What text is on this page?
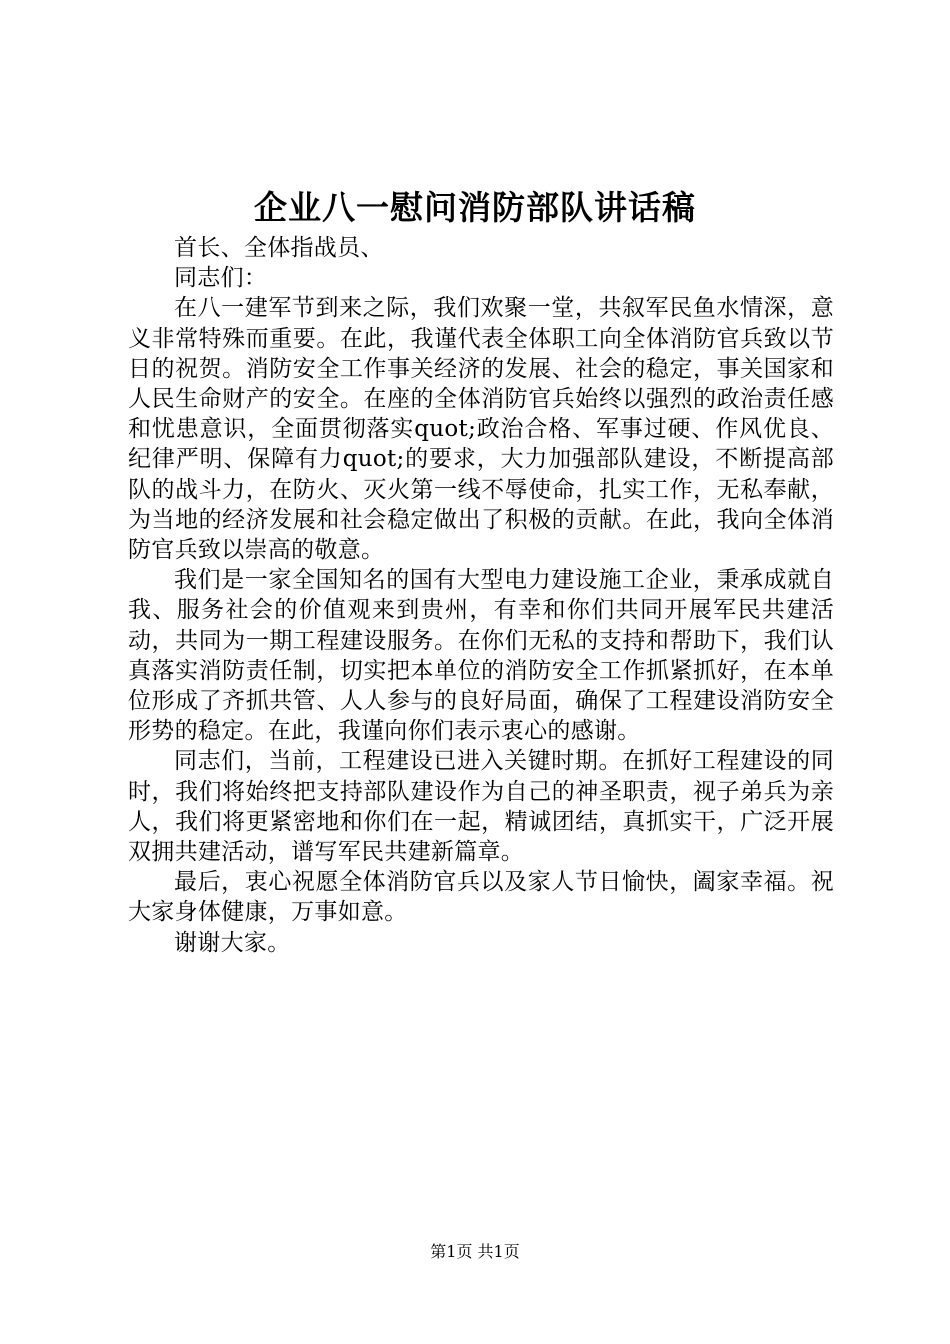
企业八一慰问消防部队讲话稿

首长、全体指战员、

同志们：

在八一建军节到来之际，我们欢聚一堂，共叙军民鱼水情深，意义非常特殊而重要。在此，我谨代表全体职工向全体消防官兵致以节日的祝贺。消防安全工作事关经济的发展、社会的稳定，事关国家和人民生命财产的安全。在座的全体消防官兵始终以强烈的政治责任感和忧患意识，全面贯彻落实quot;政治合格、军事过硬、作风优良、纪律严明、保障有力quot;的要求，大力加强部队建设，不断提高部队的战斗力，在防火、灭火第一线不辱使命，扎实工作，无私奉献，为当地的经济发展和社会稳定做出了积极的贡献。在此，我向全体消防官兵致以崇高的敬意。

我们是一家全国知名的国有大型电力建设施工企业，秉承成就自我、服务社会的价值观来到贵州，有幸和你们共同开展军民共建活动，共同为一期工程建设服务。在你们无私的支持和帮助下，我们认真落实消防责任制，切实把本单位的消防安全工作抓紧抓好，在本单位形成了齐抓共管、人人参与的良好局面，确保了工程建设消防安全形势的稳定。在此，我谨向你们表示衷心的感谢。

同志们，当前，工程建设已进入关键时期。在抓好工程建设的同时，我们将始终把支持部队建设作为自己的神圣职责，视子弟兵为亲人，我们将更紧密地和你们在一起，精诚团结，真抓实干，广泛开展双拥共建活动，谱写军民共建新篇章。

最后，衷心祝愿全体消防官兵以及家人节日愉快，阖家幸福。祝大家身体健康，万事如意。

谢谢大家。

第1页 共1页
